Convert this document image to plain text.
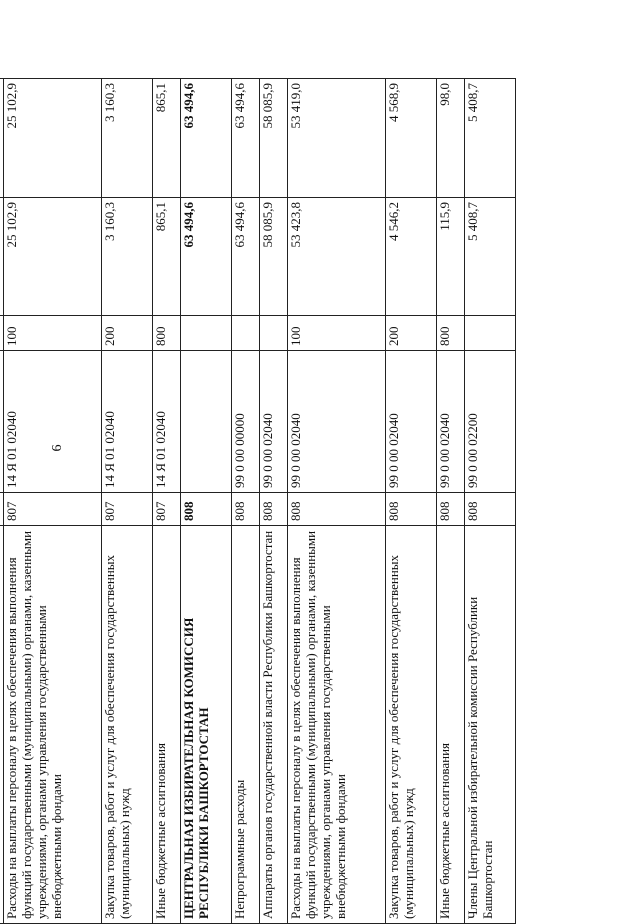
6

Расходы на выплаты персоналу в целях обеспечения выполнения функций государственными (муниципальными) органами, казенными учреждениями, органами управления государственными внебюджетными фондами	807	14 Я 01 02040	100	25 102,9	25 102,9
Закупка товаров, работ и услуг для обеспечения государственных (муниципальных) нужд	807	14 Я 01 02040	200	3 160,3	3 160,3
Иные бюджетные ассигнования	807	14 Я 01 02040	800	865,1	865,1
ЦЕНТРАЛЬНАЯ ИЗБИРАТЕЛЬНАЯ КОМИССИЯ РЕСПУБЛИКИ БАШКОРТОСТАН	808			63 494,6	63 494,6
Непрограммные расходы	808	99 0 00 00000		63 494,6	63 494,6
Аппараты органов государственной власти Республики Башкортостан	808	99 0 00 02040		58 085,9	58 085,9
Расходы на выплаты персоналу в целях обеспечения выполнения функций государственными (муниципальными) органами, казенными учреждениями, органами управления государственными внебюджетными фондами	808	99 0 00 02040	100	53 423,8	53 419,0
Закупка товаров, работ и услуг для обеспечения государственных (муниципальных) нужд	808	99 0 00 02040	200	4 546,2	4 568,9
Иные бюджетные ассигнования	808	99 0 00 02040	800	115,9	98,0
Члены Центральной избирательной комиссии Республики Башкортостан	808	99 0 00 02200		5 408,7	5 408,7
